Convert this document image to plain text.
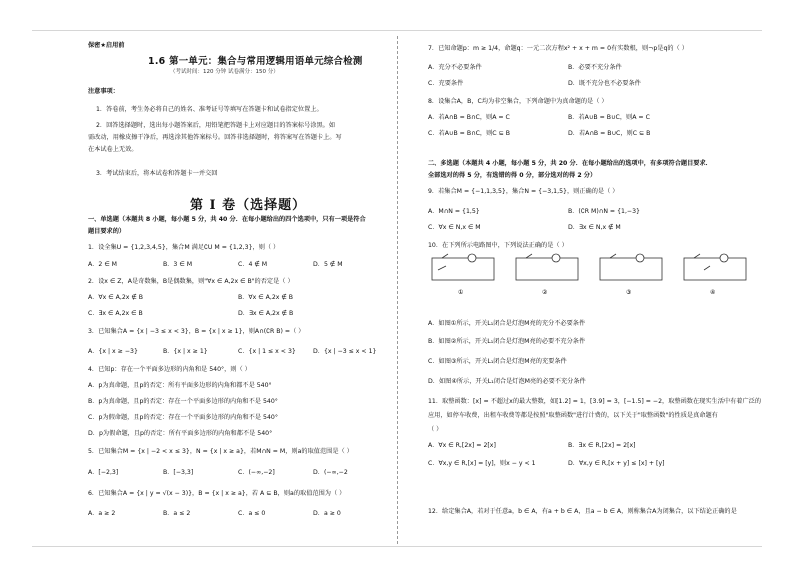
保密★启用前
1.6 第一单元：集合与常用逻辑用语单元综合检测
（考试时间：120 分钟 试卷满分：150 分）
注意事项：
1．答卷前，考生务必将自己的姓名、准考证号等填写在答题卡和试卷指定位置上。
2．回答选择题时，选出每小题答案后，用铅笔把答题卡上对应题目的答案标号涂黑。如
需改动，用橡皮擦干净后，再选涂其他答案标号。回答非选择题时，将答案写在答题卡上。写
在本试卷上无效。
3．考试结束后，将本试卷和答题卡一并交回
第 I 卷（选择题）
一、单选题（本题共 8 小题，每小题 5 分，共 40 分．在每小题给出的四个选项中，只有一项是符合
题目要求的）
1．设全集U = {1,2,3,4,5}，集合M 满足∁U M = {1,2,3}，则（ ）
A．2 ∈ M	B．3 ∈ M	C．4 ∉ M	D．5 ∉ M
2．设x ∈ Z，A是奇数集，B是偶数集，则"∀x ∈ A,2x ∈ B"的否定是（ ）
A．∀x ∈ A,2x ∉ B	B．∀x ∈ A,2x ∉ B
C．∃x ∈ A,2x ∈ B	D．∃x ∈ A,2x ∉ B
3．已知集合A = {x | −3 ≤ x < 3}，B = {x | x ≥ 1}，则A∩(∁R B) =（ ）
A．{x | x ≥ −3}	B．{x | x ≥ 1}	C．{x | 1 ≤ x < 3}	D．{x | −3 ≤ x < 1}
4．已知p：存在一个平面多边形的内角和是 540°，则（ ）
A．p为真命题，且p的否定：所有平面多边形的内角和都不是 540°
B．p为真命题，且p的否定：存在一个平面多边形的内角和不是 540°
C．p为假命题，且p的否定：存在一个平面多边形的内角和不是 540°
D．p为假命题，且p的否定：所有平面多边形的内角和都不是 540°
5．已知集合M = {x | −2 < x ≤ 3}，N = {x | x ≥ a}，若M∩N = M，则a的取值范围是（ ）
A．[−2,3]	B．[−3,3]	C．(−∞,−2]	D．(−∞,−2
6．已知集合A = {x | y = √(x − 3)}，B = {x | x ≥ a}，若 A ⊆ B，则a的取值范围为（ ）
A．a ≥ 2	B．a ≤ 2	C．a ≤ 0	D．a ≥ 0
7．已知命题p：m ≥ 1/4，命题q：一元二次方程x² + x + m = 0有实数根，则¬p是q的（ ）
A．充分不必要条件	B．必要不充分条件
C．充要条件	D．既不充分也不必要条件
8．设集合A，B，C均为非空集合，下列命题中为真命题的是（ ）
A．若A∩B = B∩C，则A = C	B．若A∪B = B∪C，则A = C
C．若A∪B = B∩C，则C ⊆ B	D．若A∩B = B∪C，则C ⊆ B
二、多选题（本题共 4 小题，每小题 5 分，共 20 分．在每小题给出的选项中，有多项符合题目要求．
全部选对的得 5 分，有选错的得 0 分，部分选对的得 2 分）
9．若集合M = {−1,1,3,5}，集合N = {−3,1,5}，则正确的是（ ）
A．M∩N = {1,5}	B．(∁R M)∩N = {1,−3}
C．∀x ∈ N,x ∈ M	D．∃x ∈ N,x ∉ M
10．在下列所示电路图中，下列说法正确的是（ ）
①	②	③	④
A．如图①所示，开关L₁闭合是灯泡M亮的充分不必要条件
B．如图②所示，开关L₁闭合是灯泡M亮的必要不充分条件
C．如图③所示，开关L₁闭合是灯泡M亮的充要条件
D．如图④所示，开关L₁闭合是灯泡M亮的必要不充分条件
11．取整函数：[x] = 不超过x的最大整数，如[1.2] = 1，[3.9] = 3，[−1.5] = −2，取整函数在现实生活中有着广泛的
应用，如停车收费，出租车收费等都是按照"取整函数"进行计费的，以下关于"取整函数"的性质是真命题有
（ ）
A．∀x ∈ R,[2x] = 2[x]	B．∃x ∈ R,[2x] = 2[x]
C．∀x,y ∈ R,[x] = [y]，则x − y < 1	D．∀x,y ∈ R,[x + y] ≤ [x] + [y]
12．给定集合A，若对于任意a，b ∈ A，有a + b ∈ A，且a − b ∈ A，则称集合A为闭集合，以下结论正确的是
